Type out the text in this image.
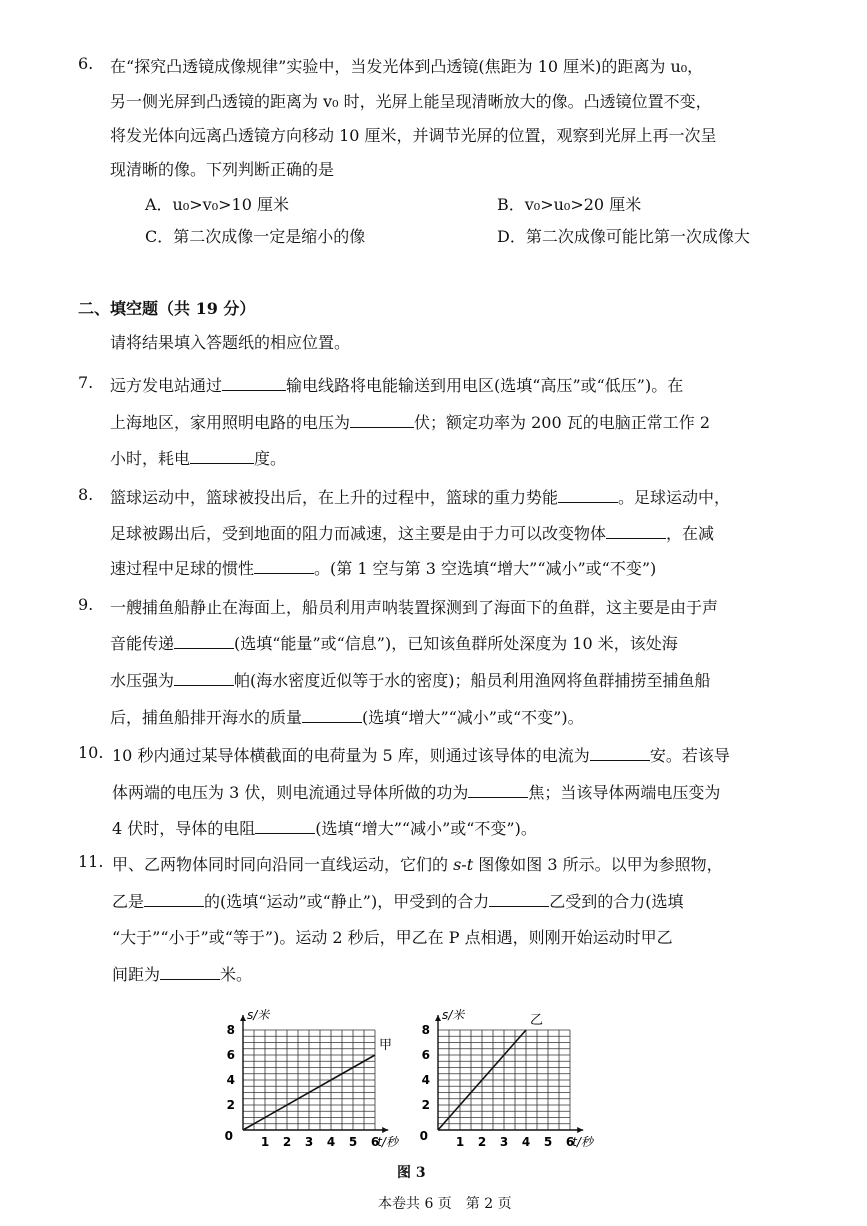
6. 在“探究凸透镜成像规律”实验中，当发光体到凸透镜(焦距为 10 厘米)的距离为 u₀，
另一侧光屏到凸透镜的距离为 v₀ 时，光屏上能呈现清晰放大的像。凸透镜位置不变，
将发光体向远离凸透镜方向移动 10 厘米，并调节光屏的位置，观察到光屏上再一次呈
现清晰的像。下列判断正确的是
A．u₀>v₀>10 厘米	B．v₀>u₀>20 厘米
C．第二次成像一定是缩小的像	D．第二次成像可能比第一次成像大
二、填空题（共 19 分）
请将结果填入答题纸的相应位置。
7. 远方发电站通过	输电线路将电能输送到用电区(选填“高压”或“低压”)。在
上海地区，家用照明电路的电压为	伏；额定功率为 200 瓦的电脑正常工作 2
小时，耗电	度。
8. 篮球运动中，篮球被投出后，在上升的过程中，篮球的重力势能	。足球运动中，
足球被踢出后，受到地面的阻力而减速，这主要是由于力可以改变物体	，在减
速过程中足球的惯性	。(第 1 空与第 3 空选填“增大”“减小”或“不变”)
9. 一艘捕鱼船静止在海面上，船员利用声呐装置探测到了海面下的鱼群，这主要是由于声
音能传递	(选填“能量”或“信息”)，已知该鱼群所处深度为 10 米，该处海
水压强为	帕(海水密度近似等于水的密度)；船员利用渔网将鱼群捕捞至捕鱼船
后，捕鱼船排开海水的质量	(选填“增大”“减小”或“不变”)。
10. 10 秒内通过某导体横截面的电荷量为 5 库，则通过该导体的电流为	安。若该导
体两端的电压为 3 伏，则电流通过导体所做的功为	焦；当该导体两端电压变为
4 伏时，导体的电阻	(选填“增大”“减小”或“不变”)。
11. 甲、乙两物体同时同向沿同一直线运动，它们的 s-t 图像如图 3 所示。以甲为参照物，
乙是	的(选填“运动”或“静止”)，甲受到的合力	乙受到的合力(选填
“大于”“小于”或“等于”)。运动 2 秒后，甲乙在 P 点相遇，则刚开始运动时甲乙
间距为	米。
1 2 3 4 5 6
2
4
6
8
0
s/米
t/秒
甲
1 2 3 4 5 6
2
4
6
8
0
s/米
t/秒
乙
图 3
本卷共 6 页　第 2 页
